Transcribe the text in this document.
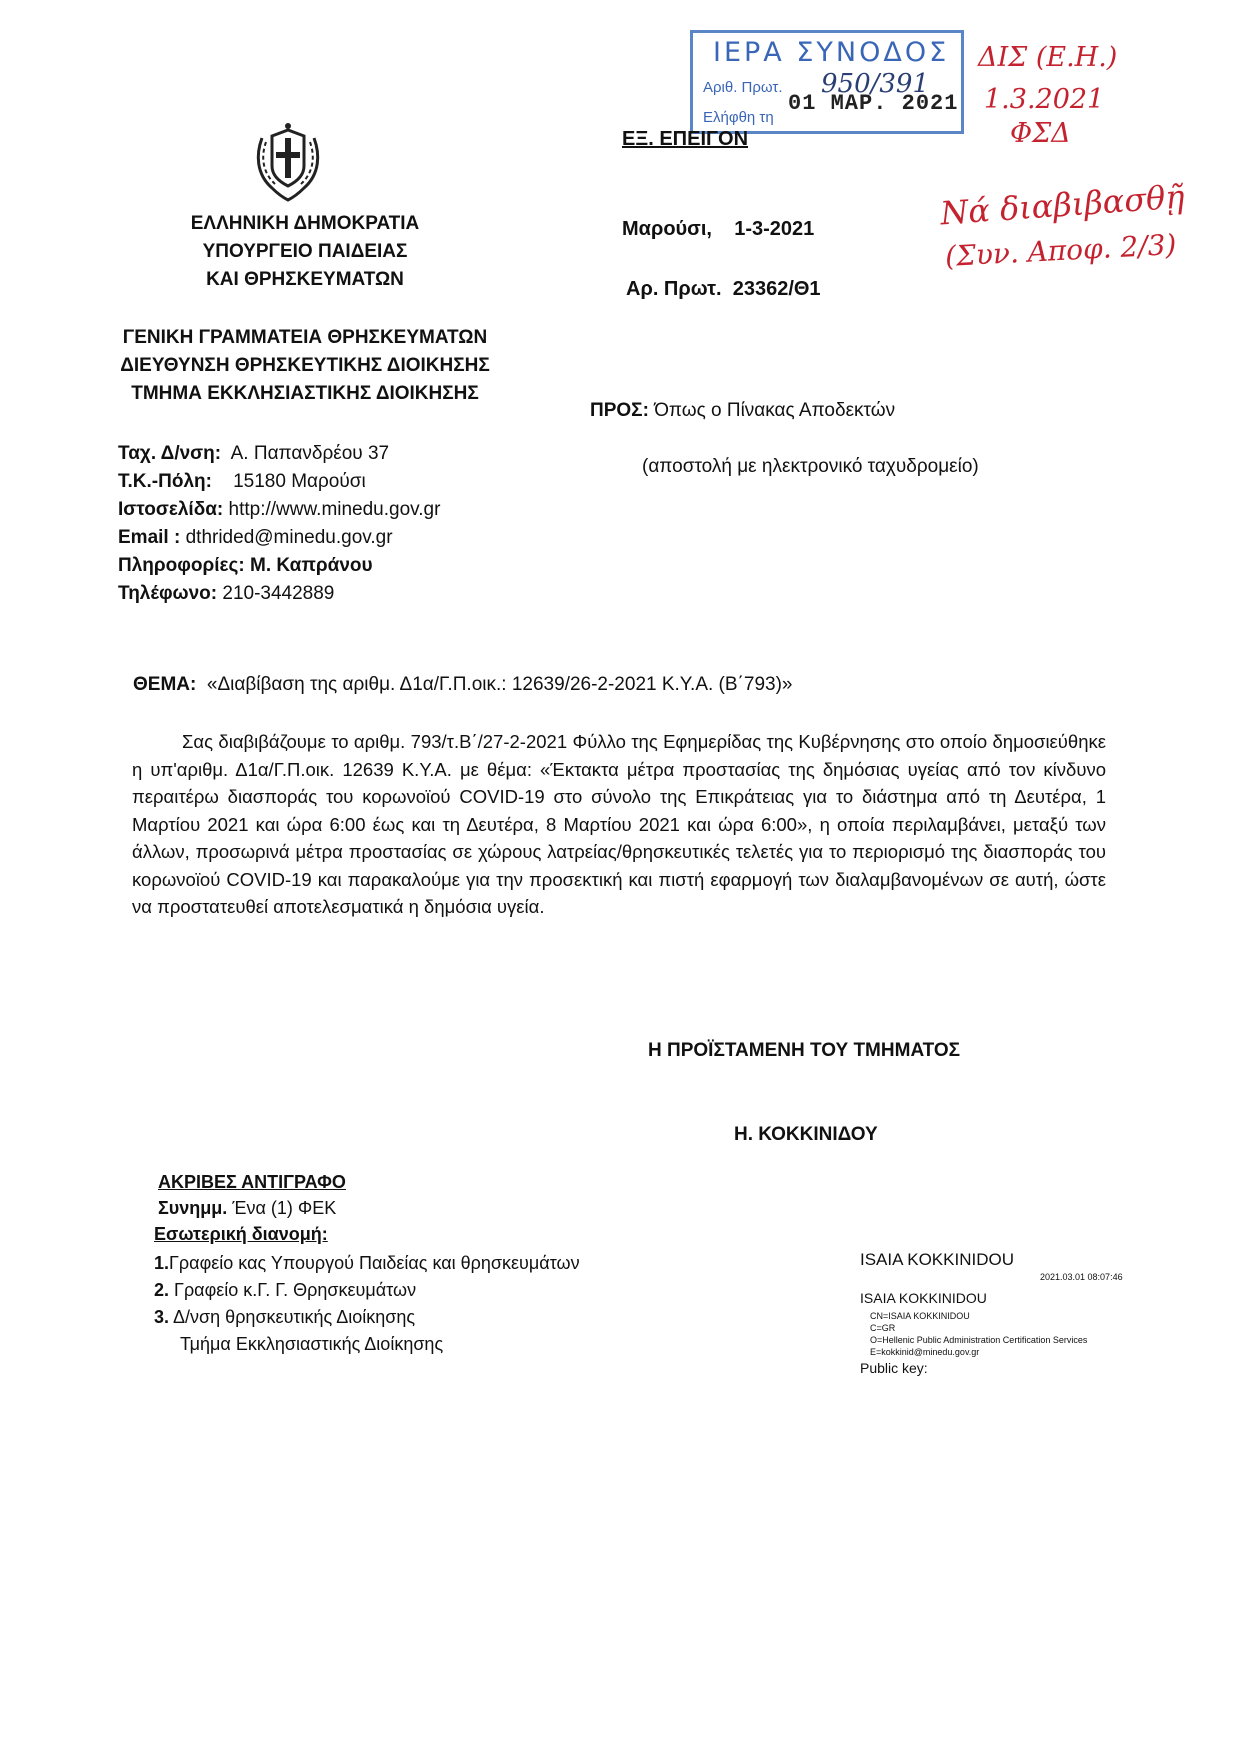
ΙΕΡΑ ΣΥΝΟΔΟΣ
Αριθ. Πρωτ. 950/391
01 ΜΑΡ. 2021
Ελήφθη τη
ΔΙΣ (Ε.Η.)
1.3.2021
ΦΣΔ
Νά διαβιβασθῇ
(Συν. Αποφ. 2/3)
ΕΞ. ΕΠΕΙΓΟΝ
ΕΛΛΗΝΙΚΗ ΔΗΜΟΚΡΑΤΙΑ
ΥΠΟΥΡΓΕΙΟ ΠΑΙΔΕΙΑΣ
ΚΑΙ ΘΡΗΣΚΕΥΜΑΤΩΝ
Μαρούσι, 1-3-2021
Αρ. Πρωτ. 23362/Θ1
ΓΕΝΙΚΗ ΓΡΑΜΜΑΤΕΙΑ ΘΡΗΣΚΕΥΜΑΤΩΝ
ΔΙΕΥΘΥΝΣΗ ΘΡΗΣΚΕΥΤΙΚΗΣ ΔΙΟΙΚΗΣΗΣ
ΤΜΗΜΑ ΕΚΚΛΗΣΙΑΣΤΙΚΗΣ ΔΙΟΙΚΗΣΗΣ
ΠΡΟΣ: Όπως ο Πίνακας Αποδεκτών
(αποστολή με ηλεκτρονικό ταχυδρομείο)
Ταχ. Δ/νση: Α. Παπανδρέου 37
Τ.Κ.-Πόλη: 15180 Μαρούσι
Ιστοσελίδα: http://www.minedu.gov.gr
Email : dthrided@minedu.gov.gr
Πληροφορίες: Μ. Καπράνου
Τηλέφωνο: 210-3442889
ΘΕΜΑ: «Διαβίβαση της αριθμ. Δ1α/Γ.Π.οικ.: 12639/26-2-2021 Κ.Υ.Α. (Β΄793)»
Σας διαβιβάζουμε το αριθμ. 793/τ.Β΄/27-2-2021 Φύλλο της Εφημερίδας της Κυβέρνησης στο οποίο δημοσιεύθηκε η υπ'αριθμ. Δ1α/Γ.Π.οικ. 12639 Κ.Υ.Α. με θέμα: «Έκτακτα μέτρα προστασίας της δημόσιας υγείας από τον κίνδυνο περαιτέρω διασποράς του κορωνοϊού COVID-19 στο σύνολο της Επικράτειας για το διάστημα από τη Δευτέρα, 1 Μαρτίου 2021 και ώρα 6:00 έως και τη Δευτέρα, 8 Μαρτίου 2021 και ώρα 6:00», η οποία περιλαμβάνει, μεταξύ των άλλων, προσωρινά μέτρα προστασίας σε χώρους λατρείας/θρησκευτικές τελετές για το περιορισμό της διασποράς του κορωνοϊού COVID-19 και παρακαλούμε για την προσεκτική και πιστή εφαρμογή των διαλαμβανομένων σε αυτή, ώστε να προστατευθεί αποτελεσματικά η δημόσια υγεία.
Η ΠΡΟΪΣΤΑΜΕΝΗ ΤΟΥ ΤΜΗΜΑΤΟΣ
Η. ΚΟΚΚΙΝΙΔΟΥ
ΑΚΡΙΒΕΣ ΑΝΤΙΓΡΑΦΟ
Συνημμ. Ένα (1) ΦΕΚ
Εσωτερική διανομή:
1.Γραφείο κας Υπουργού Παιδείας και θρησκευμάτων
2. Γραφείο κ.Γ. Γ. Θρησκευμάτων
3. Δ/νση θρησκευτικής Διοίκησης
Τμήμα Εκκλησιαστικής Διοίκησης
ISAIA KOKKINIDOU
2021.03.01 08:07:46
ISAIA KOKKINIDOU
CN=ISAIA KOKKINIDOU
C=GR
O=Hellenic Public Administration Certification Services
E=kokkinid@minedu.gov.gr
Public key:
